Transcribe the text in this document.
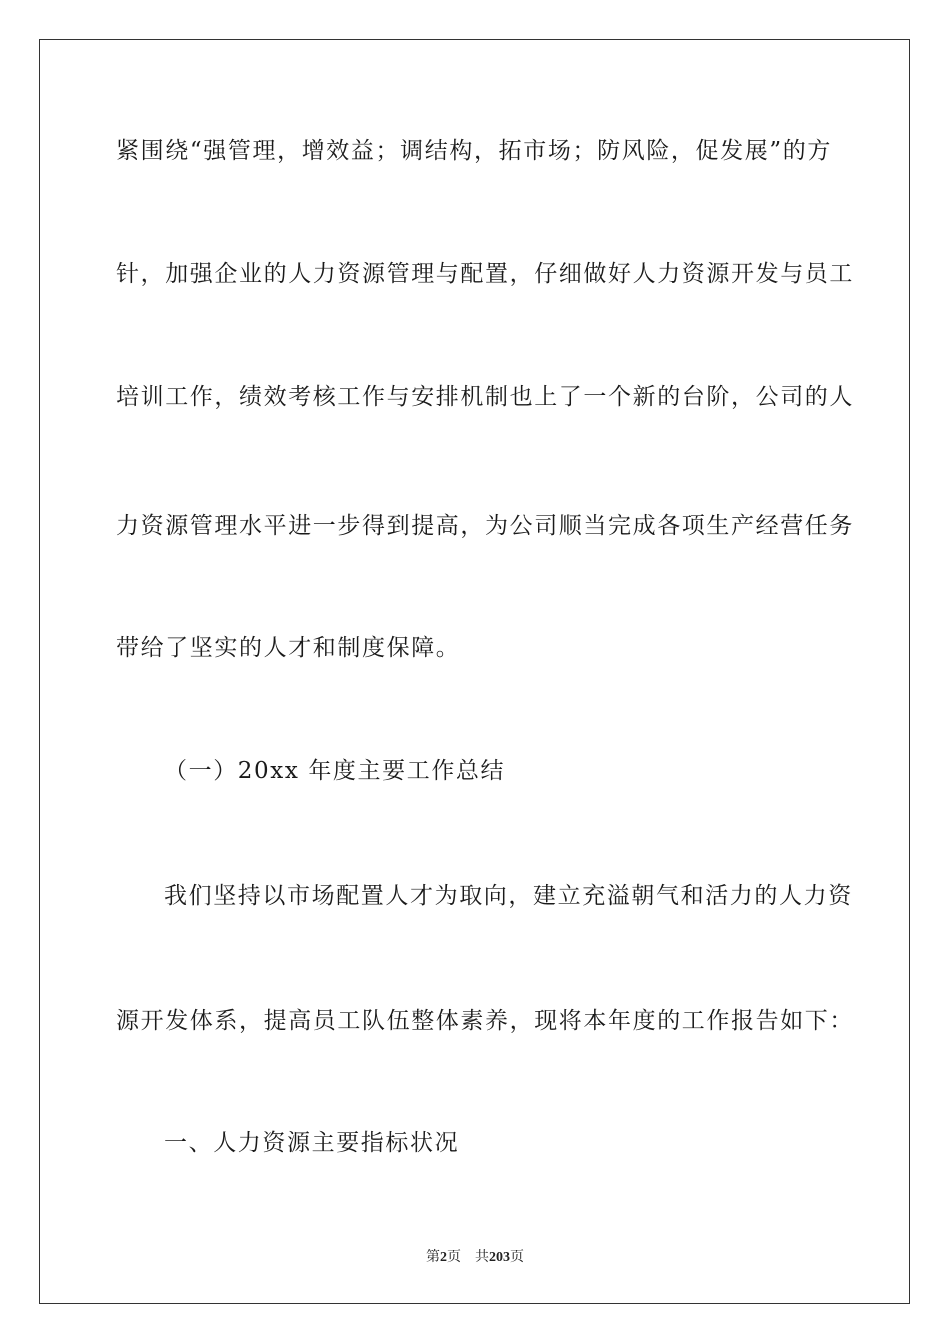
紧围绕“强管理，增效益；调结构，拓市场；防风险，促发展”的方
针，加强企业的人力资源管理与配置，仔细做好人力资源开发与员工
培训工作，绩效考核工作与安排机制也上了一个新的台阶，公司的人
力资源管理水平进一步得到提高，为公司顺当完成各项生产经营任务
带给了坚实的人才和制度保障。
（一）20xx 年度主要工作总结
我们坚持以市场配置人才为取向，建立充溢朝气和活力的人力资
源开发体系，提高员工队伍整体素养，现将本年度的工作报告如下：
一、人力资源主要指标状况
第2页 共203页
